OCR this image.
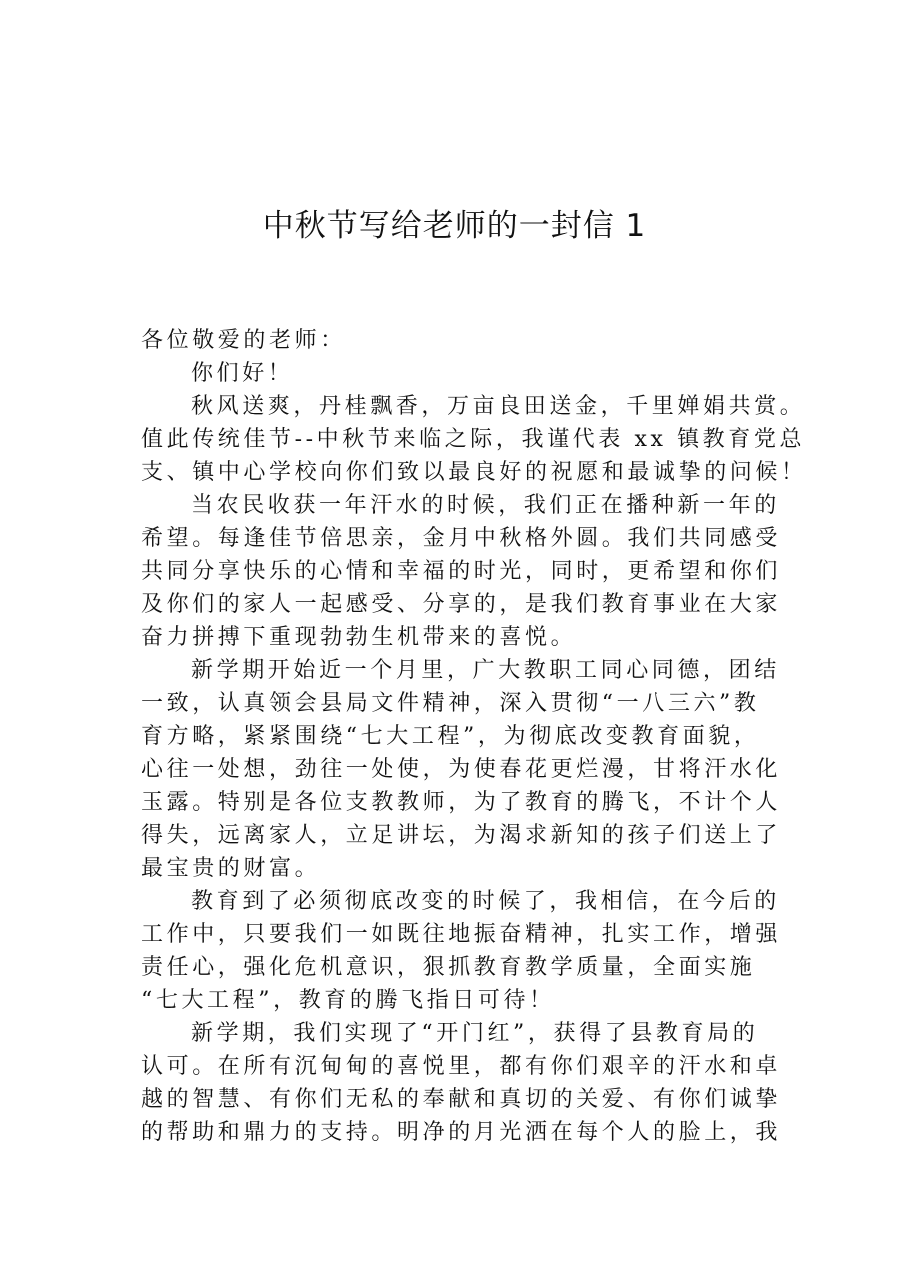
中秋节写给老师的一封信 1
各位敬爱的老师：
你们好！
秋风送爽，丹桂飘香，万亩良田送金，千里婵娟共赏。
值此传统佳节--中秋节来临之际，我谨代表 xx 镇教育党总
支、镇中心学校向你们致以最良好的祝愿和最诚挚的问候！
当农民收获一年汗水的时候，我们正在播种新一年的
希望。每逢佳节倍思亲，金月中秋格外圆。我们共同感受
共同分享快乐的心情和幸福的时光，同时，更希望和你们
及你们的家人一起感受、分享的，是我们教育事业在大家
奋力拼搏下重现勃勃生机带来的喜悦。
新学期开始近一个月里，广大教职工同心同德，团结
一致，认真领会县局文件精神，深入贯彻“一八三六”教
育方略，紧紧围绕“七大工程”，为彻底改变教育面貌，
心往一处想，劲往一处使，为使春花更烂漫，甘将汗水化
玉露。特别是各位支教教师，为了教育的腾飞，不计个人
得失，远离家人，立足讲坛，为渴求新知的孩子们送上了
最宝贵的财富。
教育到了必须彻底改变的时候了，我相信，在今后的
工作中，只要我们一如既往地振奋精神，扎实工作，增强
责任心，强化危机意识，狠抓教育教学质量，全面实施
“七大工程”，教育的腾飞指日可待！
新学期，我们实现了“开门红”，获得了县教育局的
认可。在所有沉甸甸的喜悦里，都有你们艰辛的汗水和卓
越的智慧、有你们无私的奉献和真切的关爱、有你们诚挚
的帮助和鼎力的支持。明净的月光洒在每个人的脸上，我
